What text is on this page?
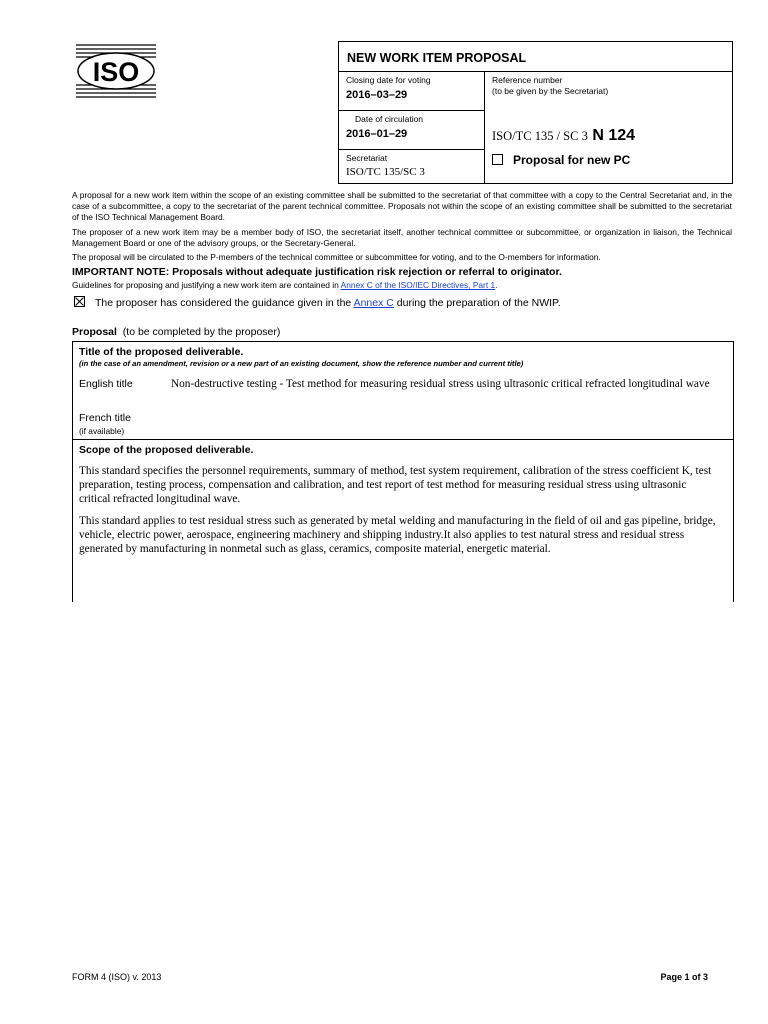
ISO	NEW WORK ITEM PROPOSAL
Closing date for voting
2016–03–29
Date of circulation
2016–01–29
Secretariat
ISO/TC 135/SC 3
Reference number
(to be given by the Secretariat)
ISO/TC 135 / SC 3 N 124
Proposal for new PC
A proposal for a new work item within the scope of an existing committee shall be submitted to the secretariat of that committee with a copy to the Central Secretariat and, in the case of a subcommittee, a copy to the secretariat of the parent technical committee. Proposals not within the scope of an existing committee shall be submitted to the secretariat of the ISO Technical Management Board.
The proposer of a new work item may be a member body of ISO, the secretariat itself, another technical committee or subcommittee, or organization in liaison, the Technical Management Board or one of the advisory groups, or the Secretary-General.
The proposal will be circulated to the P-members of the technical committee or subcommittee for voting, and to the O-members for information.
IMPORTANT NOTE: Proposals without adequate justification risk rejection or referral to originator.
Guidelines for proposing and justifying a new work item are contained in Annex C of the ISO/IEC Directives, Part 1.
The proposer has considered the guidance given in the Annex C during the preparation of the NWIP.
Proposal (to be completed by the proposer)
Title of the proposed deliverable.
(in the case of an amendment, revision or a new part of an existing document, show the reference number and current title)
English title	Non-destructive testing - Test method for measuring residual stress using ultrasonic critical refracted longitudinal wave
French title
(if available)
Scope of the proposed deliverable.
This standard specifies the personnel requirements, summary of method, test system requirement, calibration of the stress coefficient K, test preparation, testing process, compensation and calibration, and test report of test method for measuring residual stress using ultrasonic critical refracted longitudinal wave.
This standard applies to test residual stress such as generated by metal welding and manufacturing in the field of oil and gas pipeline, bridge, vehicle, electric power, aerospace, engineering machinery and shipping industry.It also applies to test natural stress and residual stress generated by manufacturing in nonmetal such as glass, ceramics, composite material, energetic material.
FORM 4 (ISO) v. 2013	Page 1 of 3
